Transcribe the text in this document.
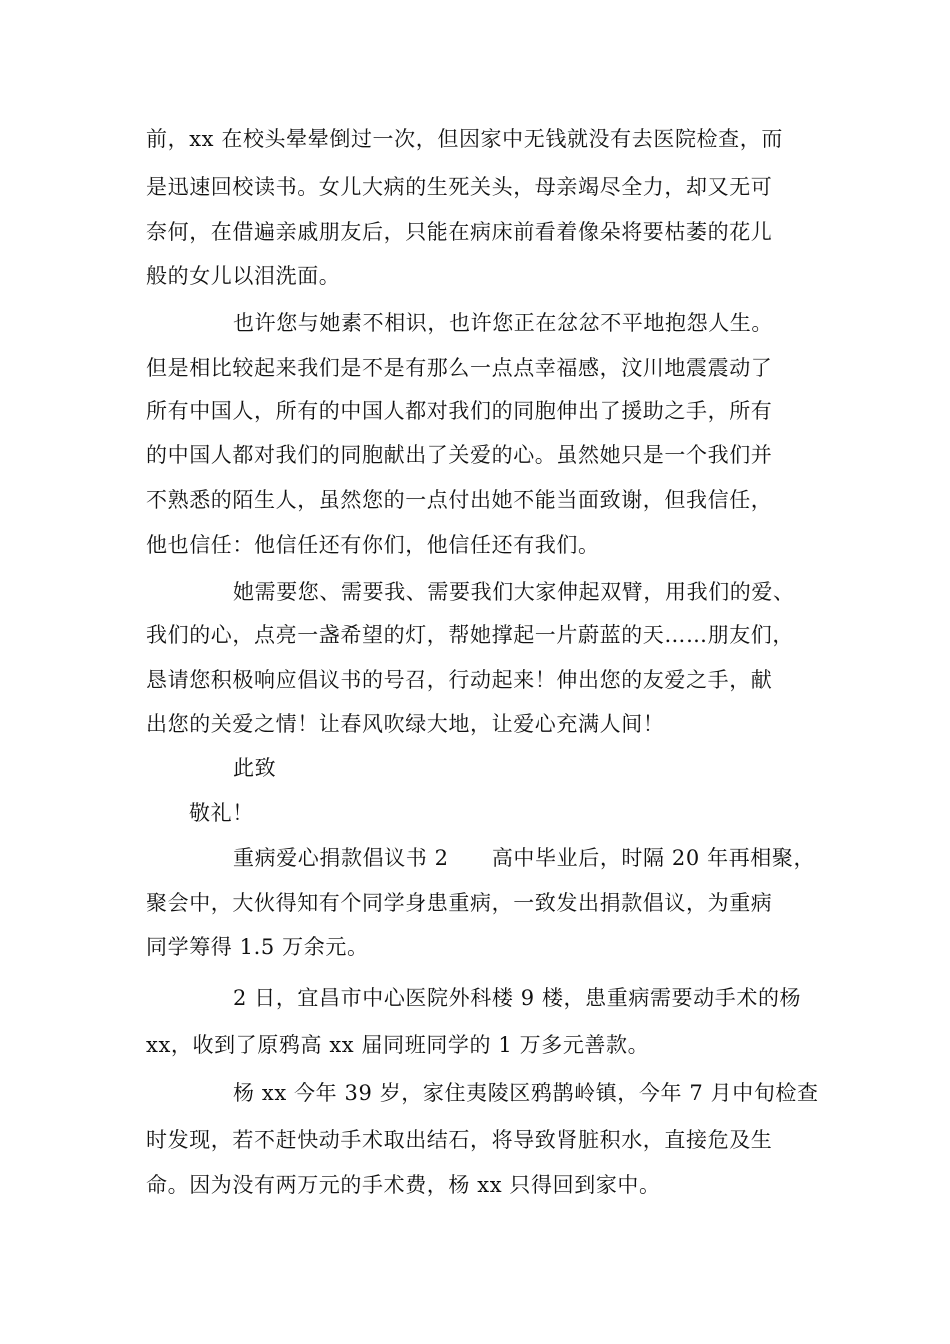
前，xx 在校头晕晕倒过一次，但因家中无钱就没有去医院检查，而
是迅速回校读书。女儿大病的生死关头，母亲竭尽全力，却又无可
奈何，在借遍亲戚朋友后，只能在病床前看着像朵将要枯萎的花儿
般的女儿以泪洗面。
也许您与她素不相识，也许您正在忿忿不平地抱怨人生。
但是相比较起来我们是不是有那么一点点幸福感，汶川地震震动了
所有中国人，所有的中国人都对我们的同胞伸出了援助之手，所有
的中国人都对我们的同胞献出了关爱的心。虽然她只是一个我们并
不熟悉的陌生人，虽然您的一点付出她不能当面致谢，但我信任，
他也信任：他信任还有你们，他信任还有我们。
她需要您、需要我、需要我们大家伸起双臂，用我们的爱、
我们的心，点亮一盏希望的灯，帮她撑起一片蔚蓝的天……朋友们，
恳请您积极响应倡议书的号召，行动起来！伸出您的友爱之手，献
出您的关爱之情！让春风吹绿大地，让爱心充满人间！
此致
敬礼！
重病爱心捐款倡议书 2　　高中毕业后，时隔 20 年再相聚，
聚会中，大伙得知有个同学身患重病，一致发出捐款倡议，为重病
同学筹得 1.5 万余元。
2 日，宜昌市中心医院外科楼 9 楼，患重病需要动手术的杨
xx，收到了原鸦高 xx 届同班同学的 1 万多元善款。
杨 xx 今年 39 岁，家住夷陵区鸦鹊岭镇，今年 7 月中旬检查
时发现，若不赶快动手术取出结石，将导致肾脏积水，直接危及生
命。因为没有两万元的手术费，杨 xx 只得回到家中。
